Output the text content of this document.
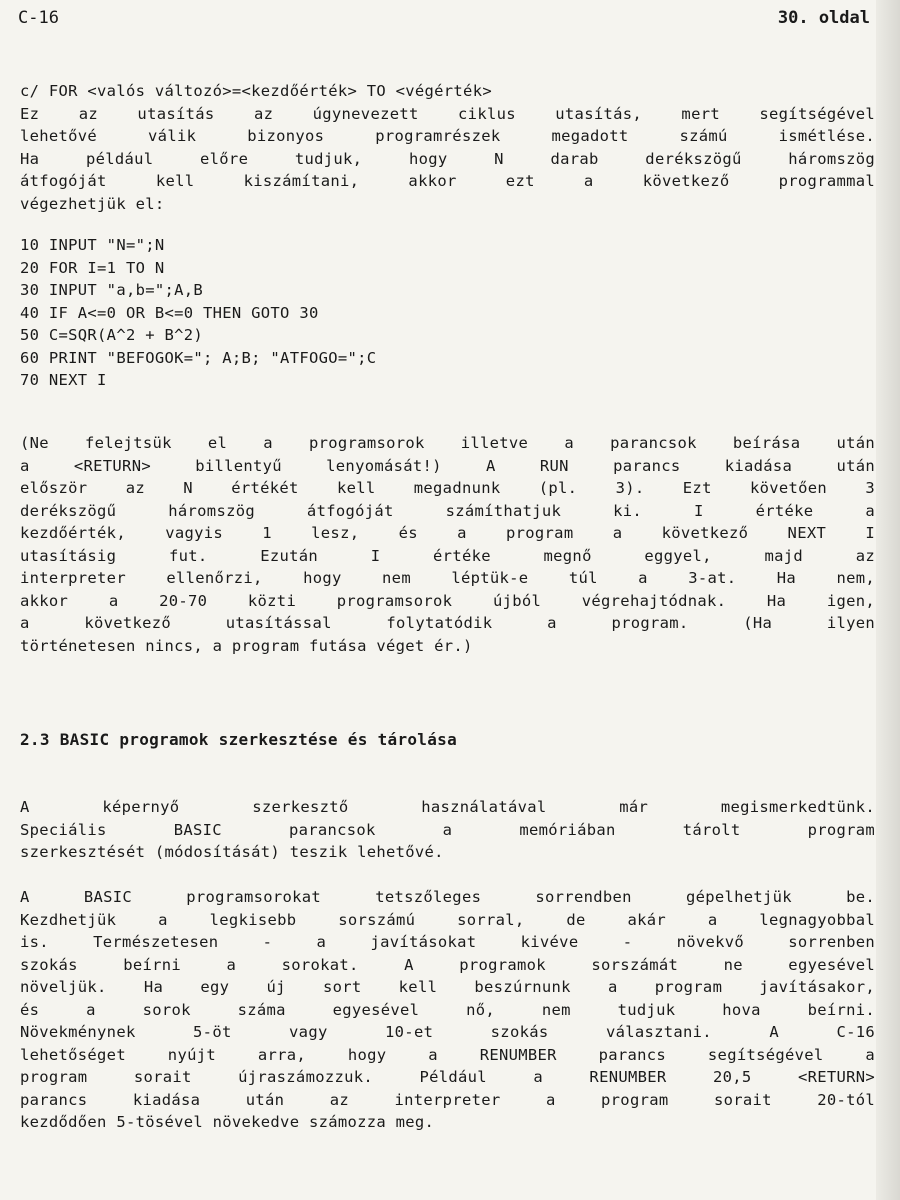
C-16	30. oldal
c/ FOR <valós változó>=<kezdőérték> TO <végérték>
Ez az utasítás az úgynevezett ciklus utasítás, mert segítségével
lehetővé válik bizonyos programrészek megadott számú ismétlése.
Ha például előre tudjuk, hogy N darab derékszögű háromszög
átfogóját kell kiszámítani, akkor ezt a következő programmal
végezhetjük el:
10 INPUT "N=";N
20 FOR I=1 TO N
30 INPUT "a,b=";A,B
40 IF A<=0 OR B<=0 THEN GOTO 30
50 C=SQR(A^2 + B^2)
60 PRINT "BEFOGOK="; A;B; "ATFOGO=";C
70 NEXT I
(Ne felejtsük el a programsorok illetve a parancsok beírása után
a <RETURN> billentyű lenyomását!) A RUN parancs kiadása után
először az N értékét kell megadnunk (pl. 3). Ezt követően 3
derékszögű háromszög átfogóját számíthatjuk ki. I értéke a
kezdőérték, vagyis 1 lesz, és a program a következő NEXT I
utasításig fut. Ezután I értéke megnő eggyel, majd az
interpreter ellenőrzi, hogy nem léptük-e túl a 3-at. Ha nem,
akkor a 20-70 közti programsorok újból végrehajtódnak. Ha igen,
a következő utasítással folytatódik a program. (Ha ilyen
történetesen nincs, a program futása véget ér.)
2.3 BASIC programok szerkesztése és tárolása
A képernyő szerkesztő használatával már megismerkedtünk.
Speciális BASIC parancsok a memóriában tárolt program
szerkesztését (módosítását) teszik lehetővé.
A BASIC programsorokat tetszőleges sorrendben gépelhetjük be.
Kezdhetjük a legkisebb sorszámú sorral, de akár a legnagyobbal
is. Természetesen - a javításokat kivéve - növekvő sorrenben
szokás beírni a sorokat. A programok sorszámát ne egyesével
növeljük. Ha egy új sort kell beszúrnunk a program javításakor,
és a sorok száma egyesével nő, nem tudjuk hova beírni.
Növekménynek 5-öt vagy 10-et szokás választani. A C-16
lehetőséget nyújt arra, hogy a RENUMBER parancs segítségével a
program sorait újraszámozzuk. Például a RENUMBER 20,5 <RETURN>
parancs kiadása után az interpreter a program sorait 20-tól
kezdődően 5-tösével növekedve számozza meg.
